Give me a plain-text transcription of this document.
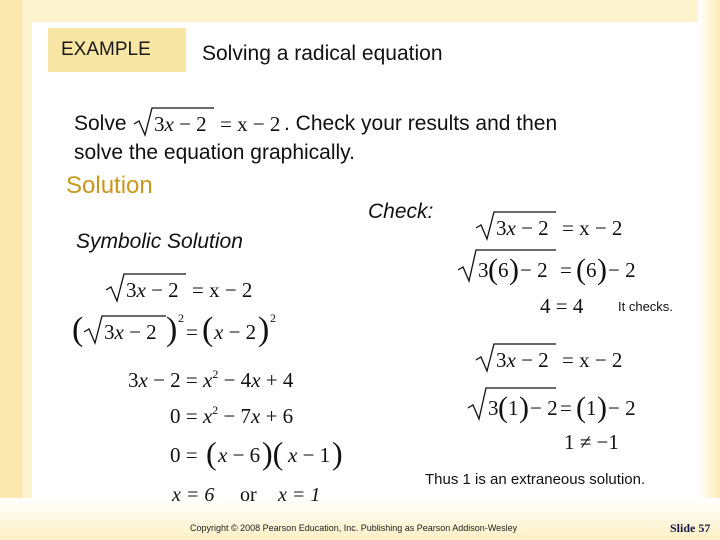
EXAMPLE Solving a radical equation
Solve 3x − 2 = x − 2 . Check your results and then
solve the equation graphically.
Solution
Symbolic Solution
Check:
3x − 2 = x − 2
( 3x − 2 ) 2
= ( x − 2 ) 2
$3x - 2 = x^2 - 4x + 4$
$0 = x^2 - 7x + 6$
0 = ( x − 6 )( x − 1 )
x = 6 or x = 1
3x − 2 = x − 2
3 ( 6 ) − 2 = ( 6 ) − 2
4 = 4	It checks.
3x − 2 = x − 2
3 ( 1 ) − 2 = ( 1 ) − 2
1 ≠ −1
Thus 1 is an extraneous solution.
Copyright © 2008 Pearson Education, Inc. Publishing as Pearson Addison-Wesley	Slide 57
